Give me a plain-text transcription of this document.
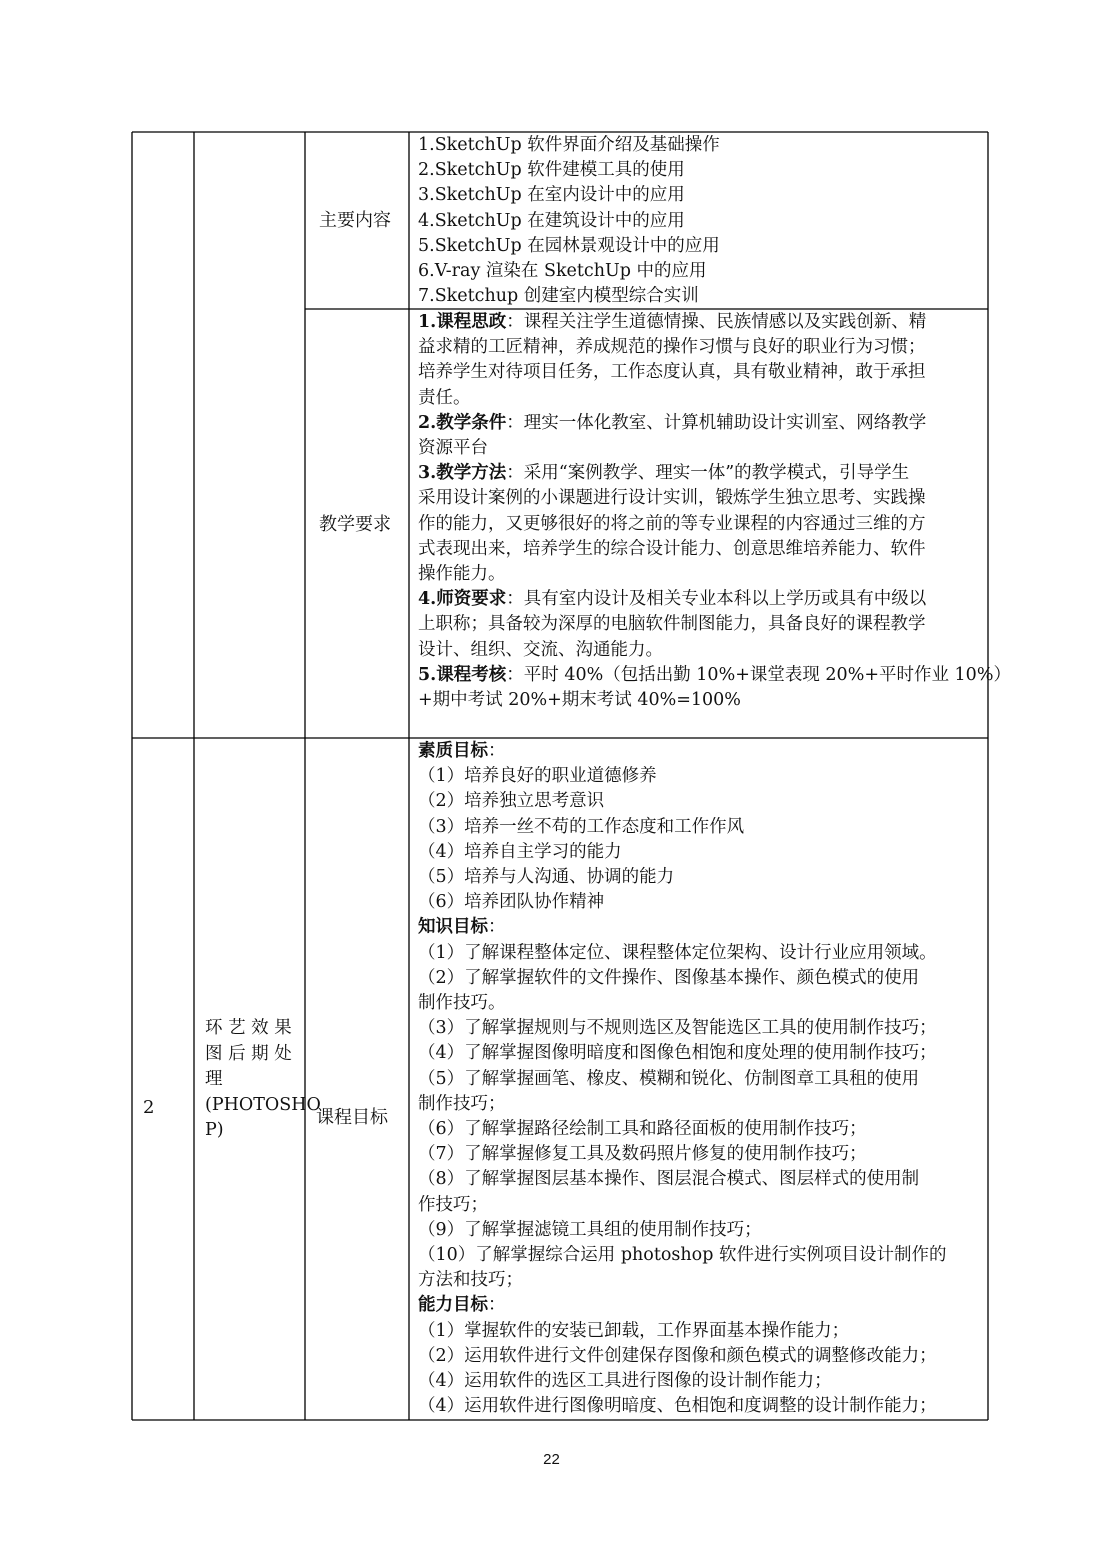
主要内容
教学要求
1.SketchUp 软件界面介绍及基础操作
2.SketchUp 软件建模工具的使用
3.SketchUp 在室内设计中的应用
4.SketchUp 在建筑设计中的应用
5.SketchUp 在园林景观设计中的应用
6.V-ray 渲染在 SketchUp 中的应用
7.Sketchup 创建室内模型综合实训
1.课程思政：课程关注学生道德情操、民族情感以及实践创新、精
益求精的工匠精神，养成规范的操作习惯与良好的职业行为习惯；
培养学生对待项目任务，工作态度认真，具有敬业精神，敢于承担
责任。
2.教学条件：理实一体化教室、计算机辅助设计实训室、网络教学
资源平台
3.教学方法：采用“案例教学、理实一体”的教学模式，引导学生
采用设计案例的小课题进行设计实训，锻炼学生独立思考、实践操
作的能力，又更够很好的将之前的等专业课程的内容通过三维的方
式表现出来，培养学生的综合设计能力、创意思维培养能力、软件
操作能力。
4.师资要求：具有室内设计及相关专业本科以上学历或具有中级以
上职称；具备较为深厚的电脑软件制图能力，具备良好的课程教学
设计、组织、交流、沟通能力。
5.课程考核：平时 40%（包括出勤 10%+课堂表现 20%+平时作业 10%）
+期中考试 20%+期末考试 40%=100%
2
环 艺 效 果
图 后 期 处
理
(PHOTOSHO
P)
课程目标
素质目标：
（1）培养良好的职业道德修养
（2）培养独立思考意识
（3）培养一丝不苟的工作态度和工作作风
（4）培养自主学习的能力
（5）培养与人沟通、协调的能力
（6）培养团队协作精神
知识目标：
（1）了解课程整体定位、课程整体定位架构、设计行业应用领域。
（2）了解掌握软件的文件操作、图像基本操作、颜色模式的使用
制作技巧。
（3）了解掌握规则与不规则选区及智能选区工具的使用制作技巧；
（4）了解掌握图像明暗度和图像色相饱和度处理的使用制作技巧；
（5）了解掌握画笔、橡皮、模糊和锐化、仿制图章工具租的使用
制作技巧；
（6）了解掌握路径绘制工具和路径面板的使用制作技巧；
（7）了解掌握修复工具及数码照片修复的使用制作技巧；
（8）了解掌握图层基本操作、图层混合模式、图层样式的使用制
作技巧；
（9）了解掌握滤镜工具组的使用制作技巧；
（10）了解掌握综合运用 photoshop 软件进行实例项目设计制作的
方法和技巧；
能力目标：
（1）掌握软件的安装已卸载，工作界面基本操作能力；
（2）运用软件进行文件创建保存图像和颜色模式的调整修改能力；
（4）运用软件的选区工具进行图像的设计制作能力；
（4）运用软件进行图像明暗度、色相饱和度调整的设计制作能力；
22
